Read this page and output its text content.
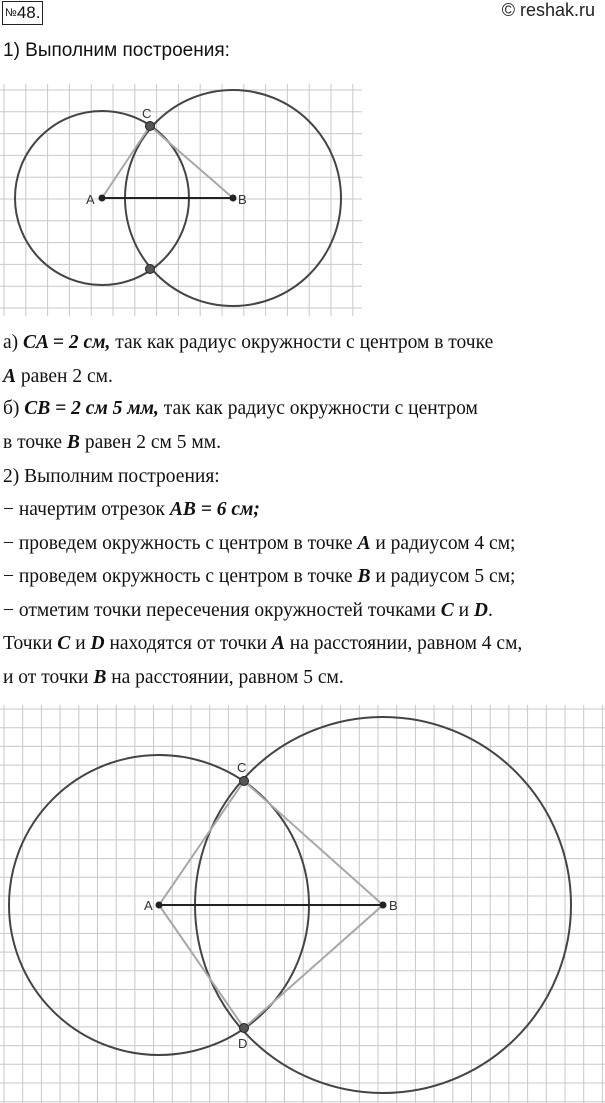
№48.	© reshak.ru
1) Выполним построения:
A	B
C
а) CA = 2 см, так как радиус окружности с центром в точке
A равен 2 см.
б) CB = 2 см 5 мм, так как радиус окружности с центром
в точке B равен 2 см 5 мм.
2) Выполним построения:
− начертим отрезок AB = 6 см;
− проведем окружность с центром в точке A и радиусом 4 см;
− проведем окружность с центром в точке B и радиусом 5 см;
− отметим точки пересечения окружностей точками C и D.
Точки C и D находятся от точки A на расстоянии, равном 4 см,
и от точки B на расстоянии, равном 5 см.
A	B
C
D
